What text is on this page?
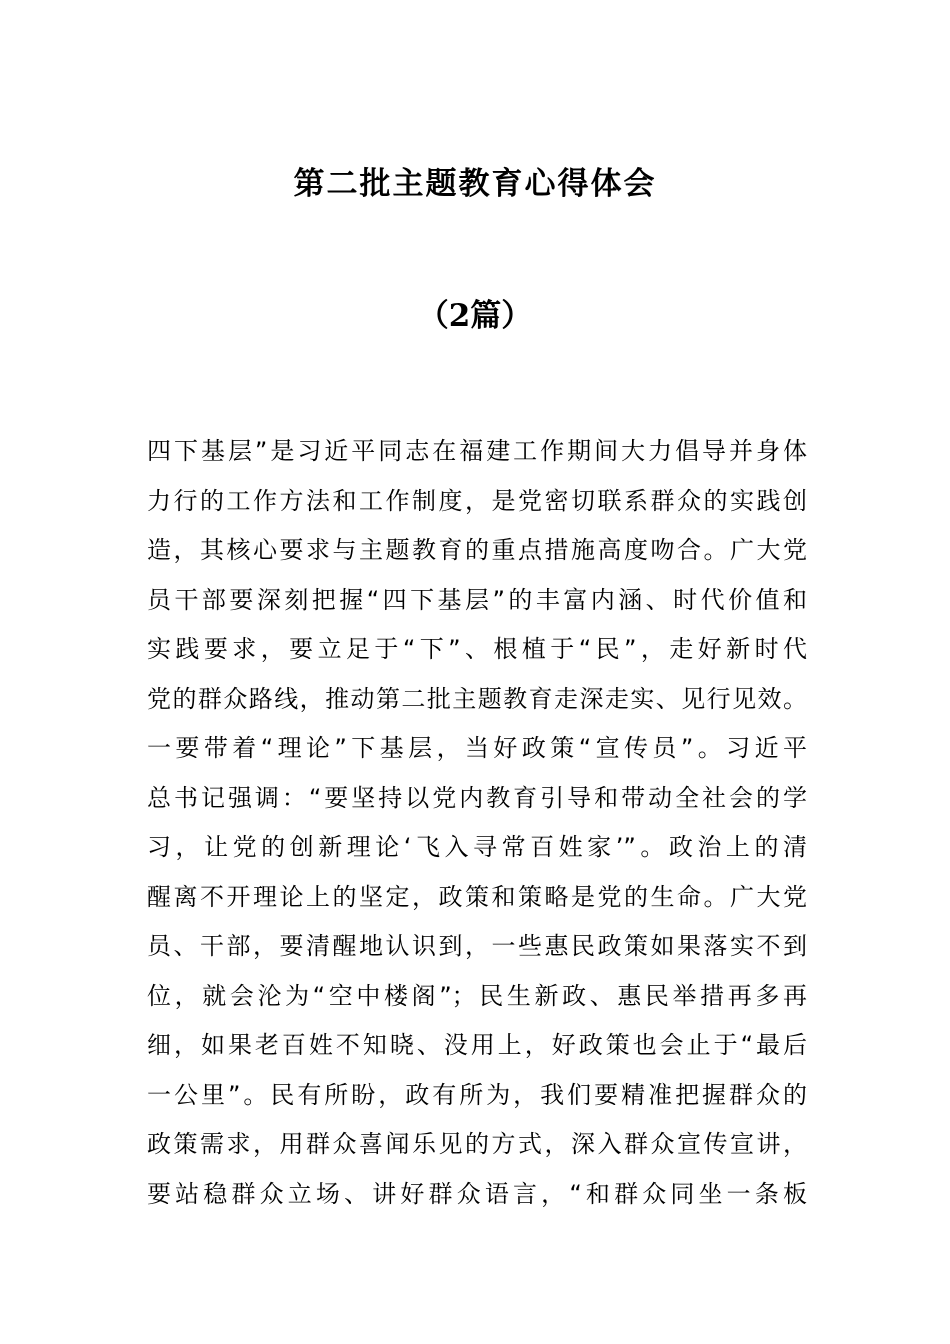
第二批主题教育心得体会
（2篇）
四下基层”是习近平同志在福建工作期间大力倡导并身体
力行的工作方法和工作制度，是党密切联系群众的实践创
造，其核心要求与主题教育的重点措施高度吻合。广大党
员干部要深刻把握“四下基层”的丰富内涵、时代价值和
实践要求，要立足于“下”、根植于“民”，走好新时代
党的群众路线，推动第二批主题教育走深走实、见行见效。
一要带着“理论”下基层，当好政策“宣传员”。习近平
总书记强调：“要坚持以党内教育引导和带动全社会的学
习，让党的创新理论‘飞入寻常百姓家’”。政治上的清
醒离不开理论上的坚定，政策和策略是党的生命。广大党
员、干部，要清醒地认识到，一些惠民政策如果落实不到
位，就会沦为“空中楼阁”；民生新政、惠民举措再多再
细，如果老百姓不知晓、没用上，好政策也会止于“最后
一公里”。民有所盼，政有所为，我们要精准把握群众的
政策需求，用群众喜闻乐见的方式，深入群众宣传宣讲，
要站稳群众立场、讲好群众语言，“和群众同坐一条板
